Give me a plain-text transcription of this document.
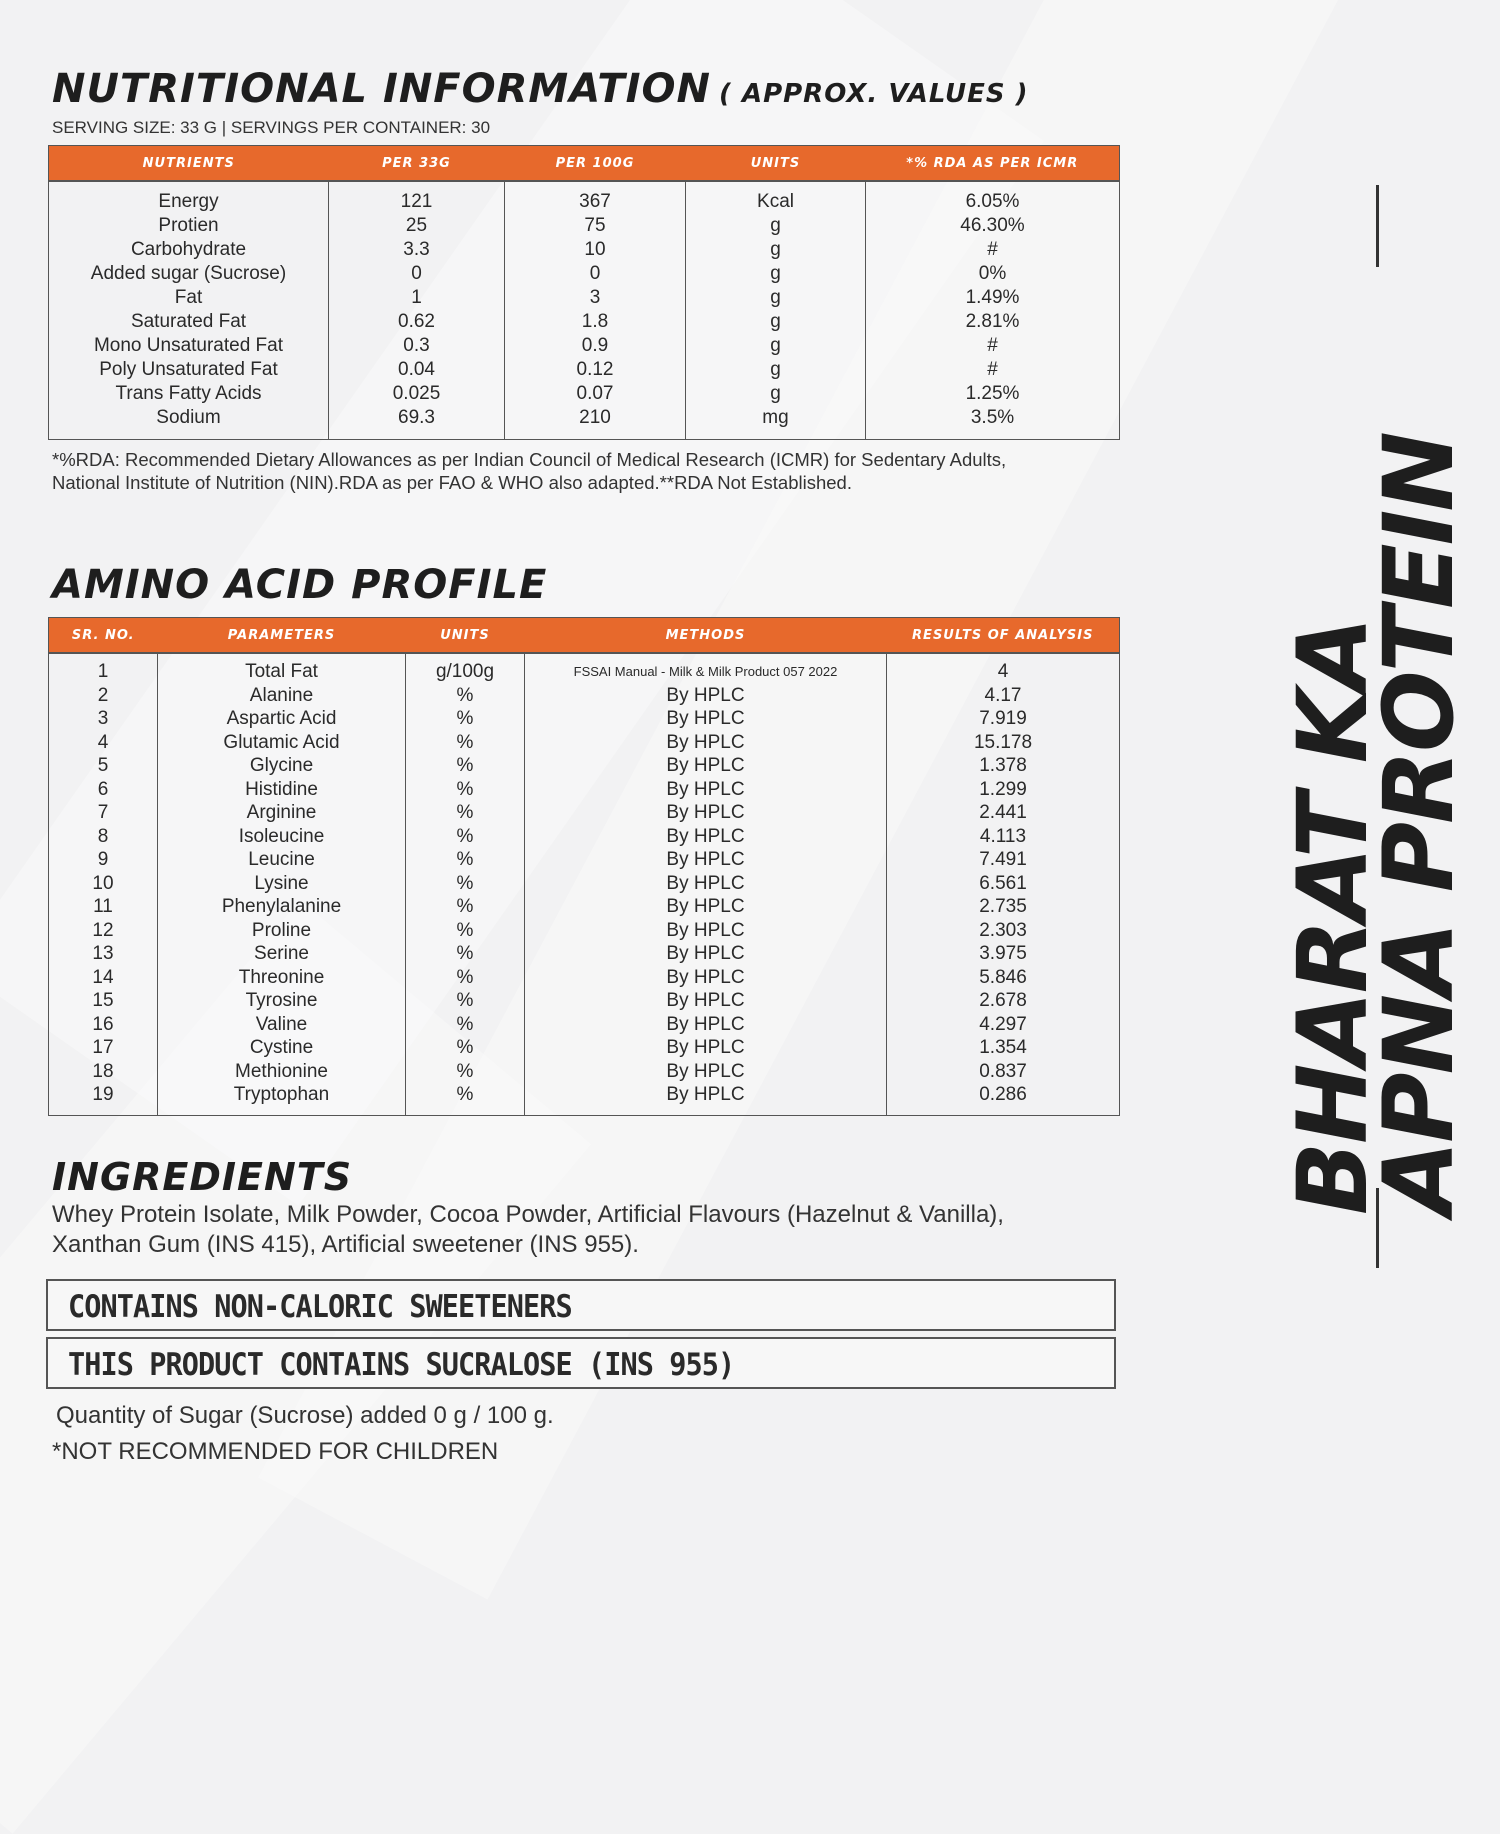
NUTRITIONAL INFORMATION ( APPROX. VALUES )
SERVING SIZE: 33 G | SERVINGS PER CONTAINER: 30
NUTRIENTS	PER 33G	PER 100G	UNITS	*% RDA AS PER ICMR
Energy	121	367	Kcal	6.05%
Protien	25	75	g	46.30%
Carbohydrate	3.3	10	g	#
Added sugar (Sucrose)	0	0	g	0%
Fat	1	3	g	1.49%
Saturated Fat	0.62	1.8	g	2.81%
Mono Unsaturated Fat	0.3	0.9	g	#
Poly Unsaturated Fat	0.04	0.12	g	#
Trans Fatty Acids	0.025	0.07	g	1.25%
Sodium	69.3	210	mg	3.5%
*%RDA: Recommended Dietary Allowances as per Indian Council of Medical Research (ICMR) for Sedentary Adults,
National Institute of Nutrition (NIN).RDA as per FAO & WHO also adapted.**RDA Not Established.
AMINO ACID PROFILE
SR. NO.	PARAMETERS	UNITS	METHODS	RESULTS OF ANALYSIS
1	Total Fat	g/100g	FSSAI Manual - Milk & Milk Product 057 2022	4
2	Alanine	%	By HPLC	4.17
3	Aspartic Acid	%	By HPLC	7.919
4	Glutamic Acid	%	By HPLC	15.178
5	Glycine	%	By HPLC	1.378
6	Histidine	%	By HPLC	1.299
7	Arginine	%	By HPLC	2.441
8	Isoleucine	%	By HPLC	4.113
9	Leucine	%	By HPLC	7.491
10	Lysine	%	By HPLC	6.561
11	Phenylalanine	%	By HPLC	2.735
12	Proline	%	By HPLC	2.303
13	Serine	%	By HPLC	3.975
14	Threonine	%	By HPLC	5.846
15	Tyrosine	%	By HPLC	2.678
16	Valine	%	By HPLC	4.297
17	Cystine	%	By HPLC	1.354
18	Methionine	%	By HPLC	0.837
19	Tryptophan	%	By HPLC	0.286
INGREDIENTS
Whey Protein Isolate, Milk Powder, Cocoa Powder, Artificial Flavours (Hazelnut & Vanilla),
Xanthan Gum (INS 415), Artificial sweetener (INS 955).
CONTAINS NON-CALORIC SWEETENERS
THIS PRODUCT CONTAINS SUCRALOSE (INS 955)
Quantity of Sugar (Sucrose) added 0 g / 100 g.
*NOT RECOMMENDED FOR CHILDREN
BHARAT KA
APNA PROTEIN
